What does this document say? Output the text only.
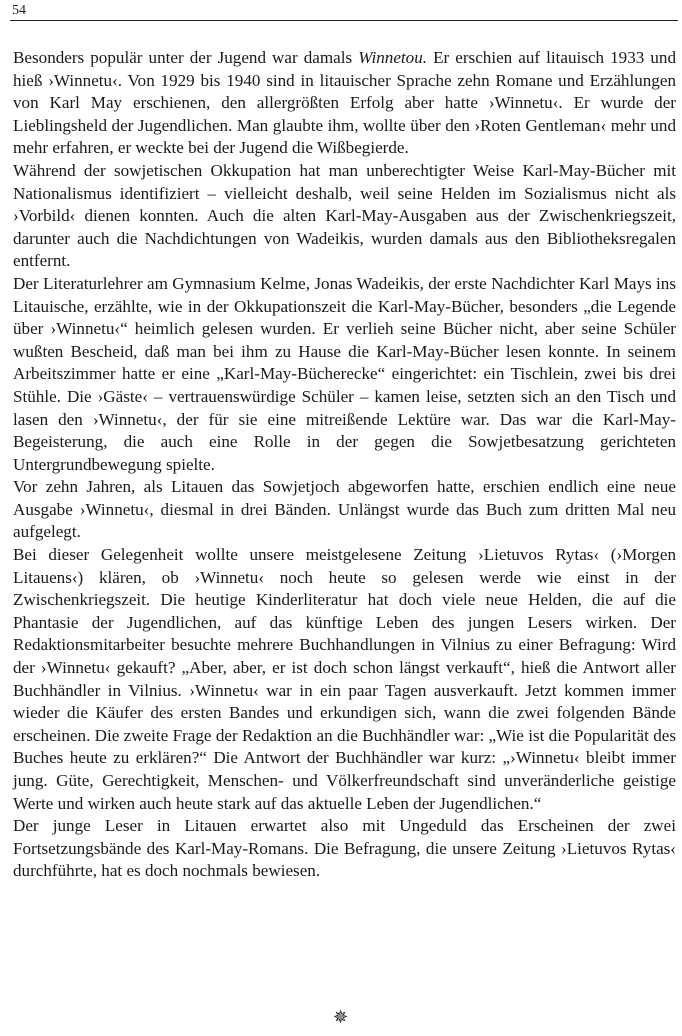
54

Besonders populär unter der Jugend war damals Winnetou. Er erschien auf litauisch 1933 und hieß ›Winnetu‹. Von 1929 bis 1940 sind in litauischer Sprache zehn Romane und Erzählungen von Karl May erschienen, den allergrößten Erfolg aber hatte ›Winnetu‹. Er wurde der Lieblingsheld der Jugendlichen. Man glaubte ihm, wollte über den ›Roten Gentleman‹ mehr und mehr erfahren, er weckte bei der Jugend die Wißbegierde.

Während der sowjetischen Okkupation hat man unberechtigter Weise Karl-May-Bücher mit Nationalismus identifiziert – vielleicht deshalb, weil seine Helden im Sozialismus nicht als ›Vorbild‹ dienen konnten. Auch die alten Karl-May-Ausgaben aus der Zwischenkriegszeit, darunter auch die Nachdichtungen von Wadeikis, wurden damals aus den Bibliotheksregalen entfernt.

Der Literaturlehrer am Gymnasium Kelme, Jonas Wadeikis, der erste Nachdichter Karl Mays ins Litauische, erzählte, wie in der Okkupationszeit die Karl-May-Bücher, besonders „die Legende über ›Winnetu‹“ heimlich gelesen wurden. Er verlieh seine Bücher nicht, aber seine Schüler wußten Bescheid, daß man bei ihm zu Hause die Karl-May-Bücher lesen konnte. In seinem Arbeitszimmer hatte er eine „Karl-May-Bücherecke“ eingerichtet: ein Tischlein, zwei bis drei Stühle. Die ›Gäste‹ – vertrauenswürdige Schüler – kamen leise, setzten sich an den Tisch und lasen den ›Winnetu‹, der für sie eine mitreißende Lektüre war. Das war die Karl-May-Begeisterung, die auch eine Rolle in der gegen die Sowjetbesatzung gerichteten Untergrundbewegung spielte.

Vor zehn Jahren, als Litauen das Sowjetjoch abgeworfen hatte, erschien endlich eine neue Ausgabe ›Winnetu‹, diesmal in drei Bänden. Unlängst wurde das Buch zum dritten Mal neu aufgelegt.

Bei dieser Gelegenheit wollte unsere meistgelesene Zeitung ›Lietuvos Rytas‹ (›Morgen Litauens‹) klären, ob ›Winnetu‹ noch heute so gelesen werde wie einst in der Zwischenkriegszeit. Die heutige Kinderliteratur hat doch viele neue Helden, die auf die Phantasie der Jugendlichen, auf das künftige Leben des jungen Lesers wirken. Der Redaktionsmitarbeiter besuchte mehrere Buchhandlungen in Vilnius zu einer Befragung: Wird der ›Winnetu‹ gekauft? „Aber, aber, er ist doch schon längst verkauft“, hieß die Antwort aller Buchhändler in Vilnius. ›Winnetu‹ war in ein paar Tagen ausverkauft. Jetzt kommen immer wieder die Käufer des ersten Bandes und erkundigen sich, wann die zwei folgenden Bände erscheinen. Die zweite Frage der Redaktion an die Buchhändler war: „Wie ist die Popularität des Buches heute zu erklären?“ Die Antwort der Buchhändler war kurz: „›Winnetu‹ bleibt immer jung. Güte, Gerechtigkeit, Menschen- und Völkerfreundschaft sind unveränderliche geistige Werte und wirken auch heute stark auf das aktuelle Leben der Jugendlichen.“

Der junge Leser in Litauen erwartet also mit Ungeduld das Erscheinen der zwei Fortsetzungsbände des Karl-May-Romans. Die Befragung, die unsere Zeitung ›Lietuvos Rytas‹ durchführte, hat es doch nochmals bewiesen.

✵
